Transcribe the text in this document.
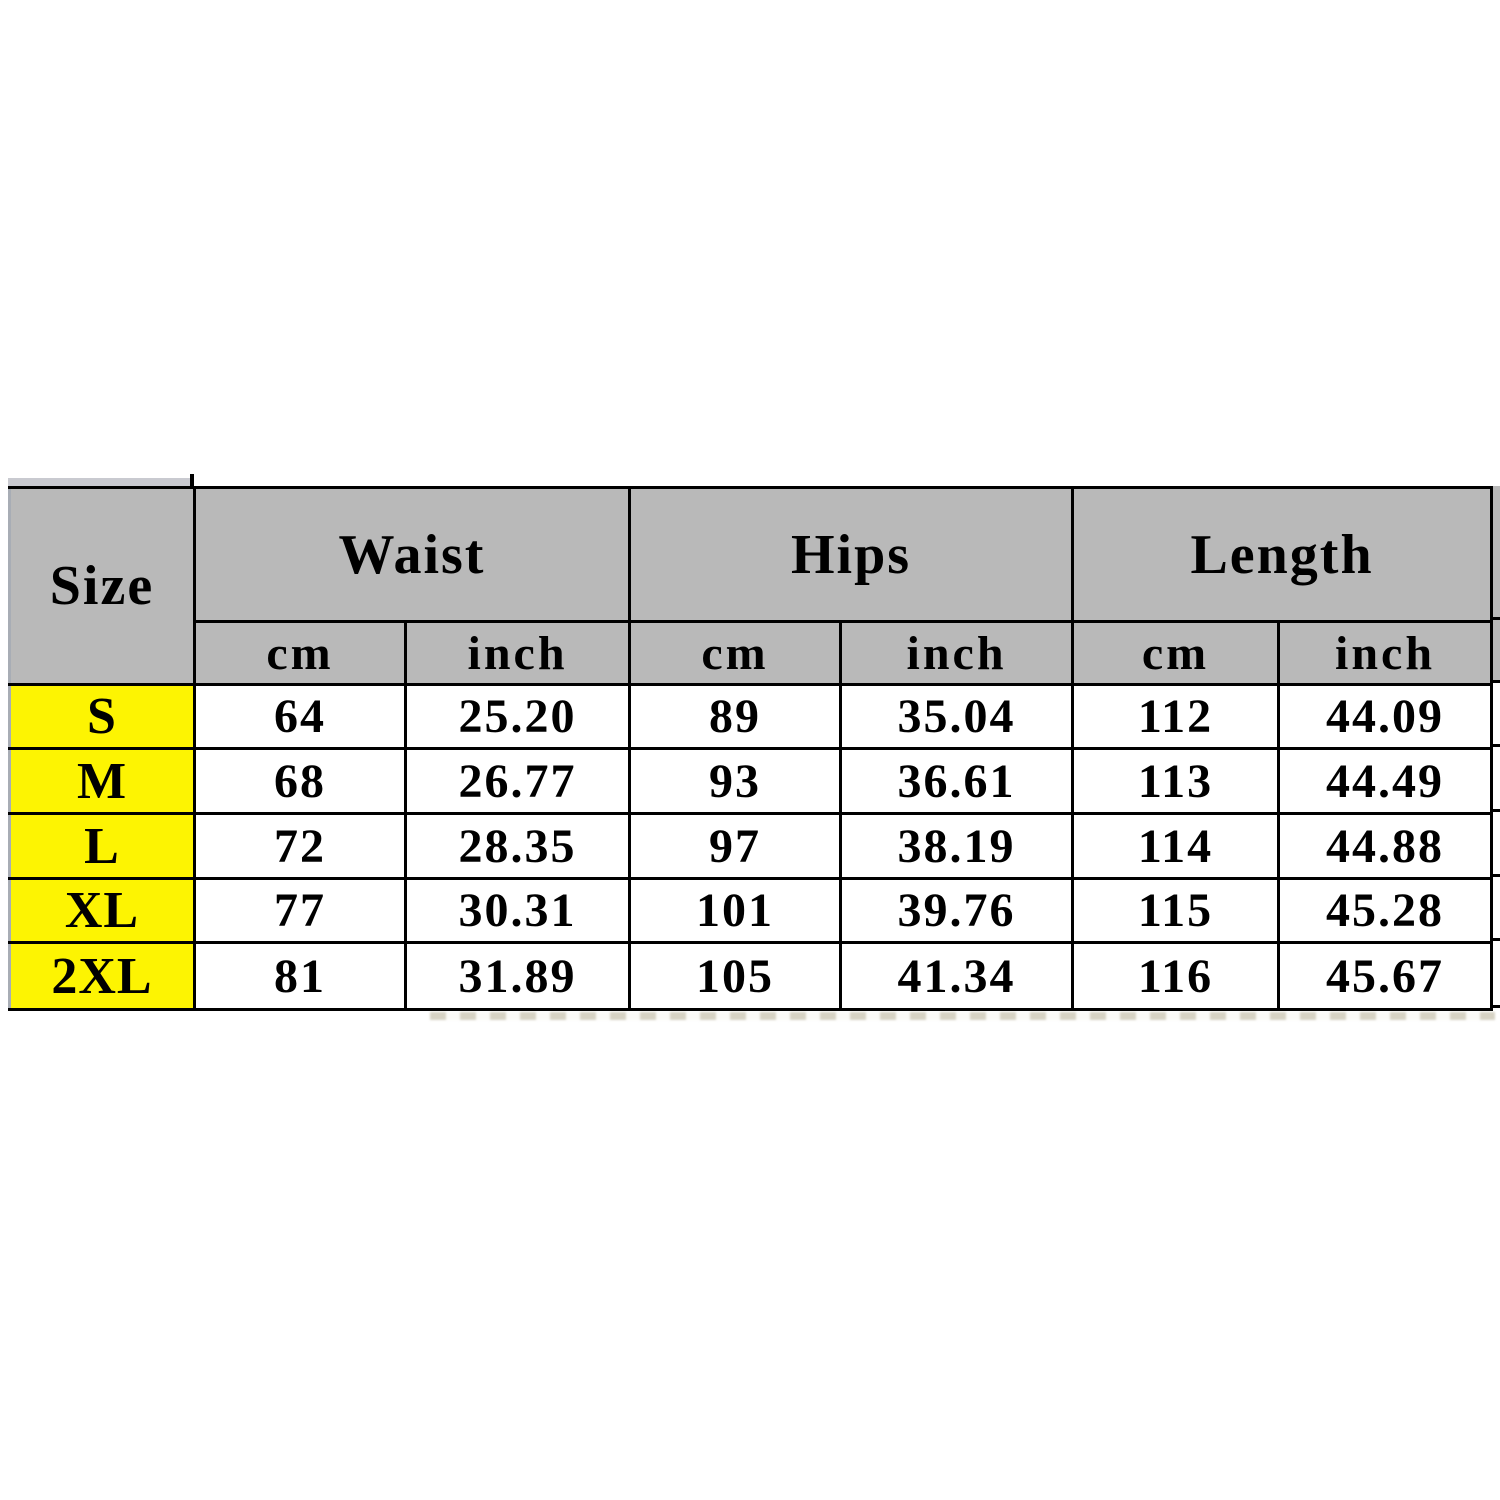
Size	Waist		Hips		Length	
	cm	inch	cm	inch	cm	inch
S	64	25.20	89	35.04	112	44.09
M	68	26.77	93	36.61	113	44.49
L	72	28.35	97	38.19	114	44.88
XL	77	30.31	101	39.76	115	45.28
2XL	81	31.89	105	41.34	116	45.67
